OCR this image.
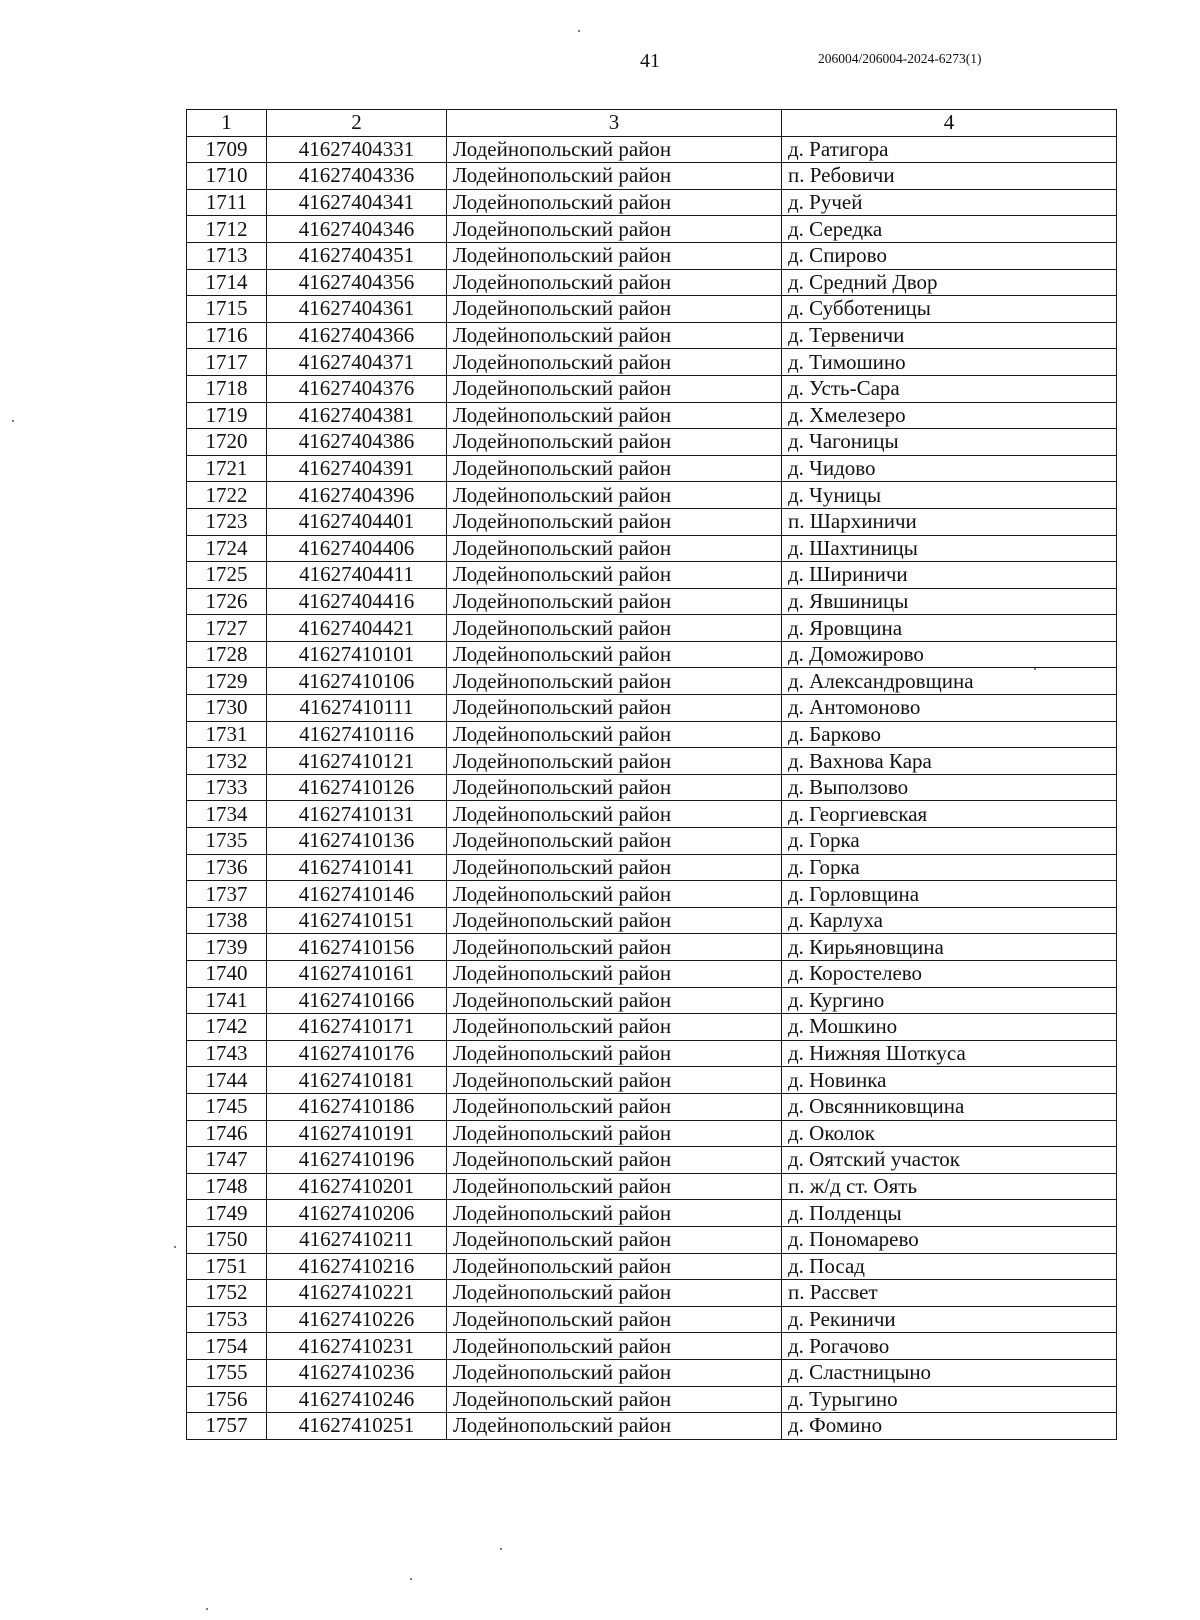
41	206004/206004-2024-6273(1)
1	2	3	4
1709	41627404331	Лодейнопольский район	д. Ратигора
1710	41627404336	Лодейнопольский район	п. Ребовичи
1711	41627404341	Лодейнопольский район	д. Ручей
1712	41627404346	Лодейнопольский район	д. Середка
1713	41627404351	Лодейнопольский район	д. Спирово
1714	41627404356	Лодейнопольский район	д. Средний Двор
1715	41627404361	Лодейнопольский район	д. Субботеницы
1716	41627404366	Лодейнопольский район	д. Тервеничи
1717	41627404371	Лодейнопольский район	д. Тимошино
1718	41627404376	Лодейнопольский район	д. Усть-Сара
1719	41627404381	Лодейнопольский район	д. Хмелезеро
1720	41627404386	Лодейнопольский район	д. Чагоницы
1721	41627404391	Лодейнопольский район	д. Чидово
1722	41627404396	Лодейнопольский район	д. Чуницы
1723	41627404401	Лодейнопольский район	п. Шархиничи
1724	41627404406	Лодейнопольский район	д. Шахтиницы
1725	41627404411	Лодейнопольский район	д. Шириничи
1726	41627404416	Лодейнопольский район	д. Явшиницы
1727	41627404421	Лодейнопольский район	д. Яровщина
1728	41627410101	Лодейнопольский район	д. Доможирово
1729	41627410106	Лодейнопольский район	д. Александровщина
1730	41627410111	Лодейнопольский район	д. Антомоново
1731	41627410116	Лодейнопольский район	д. Барково
1732	41627410121	Лодейнопольский район	д. Вахнова Кара
1733	41627410126	Лодейнопольский район	д. Выползово
1734	41627410131	Лодейнопольский район	д. Георгиевская
1735	41627410136	Лодейнопольский район	д. Горка
1736	41627410141	Лодейнопольский район	д. Горка
1737	41627410146	Лодейнопольский район	д. Горловщина
1738	41627410151	Лодейнопольский район	д. Карлуха
1739	41627410156	Лодейнопольский район	д. Кирьяновщина
1740	41627410161	Лодейнопольский район	д. Коростелево
1741	41627410166	Лодейнопольский район	д. Кургино
1742	41627410171	Лодейнопольский район	д. Мошкино
1743	41627410176	Лодейнопольский район	д. Нижняя Шоткуса
1744	41627410181	Лодейнопольский район	д. Новинка
1745	41627410186	Лодейнопольский район	д. Овсянниковщина
1746	41627410191	Лодейнопольский район	д. Околок
1747	41627410196	Лодейнопольский район	д. Оятский участок
1748	41627410201	Лодейнопольский район	п. ж/д ст. Оять
1749	41627410206	Лодейнопольский район	д. Полденцы
1750	41627410211	Лодейнопольский район	д. Пономарево
1751	41627410216	Лодейнопольский район	д. Посад
1752	41627410221	Лодейнопольский район	п. Рассвет
1753	41627410226	Лодейнопольский район	д. Рекиничи
1754	41627410231	Лодейнопольский район	д. Рогачово
1755	41627410236	Лодейнопольский район	д. Сластницыно
1756	41627410246	Лодейнопольский район	д. Турыгино
1757	41627410251	Лодейнопольский район	д. Фомино
